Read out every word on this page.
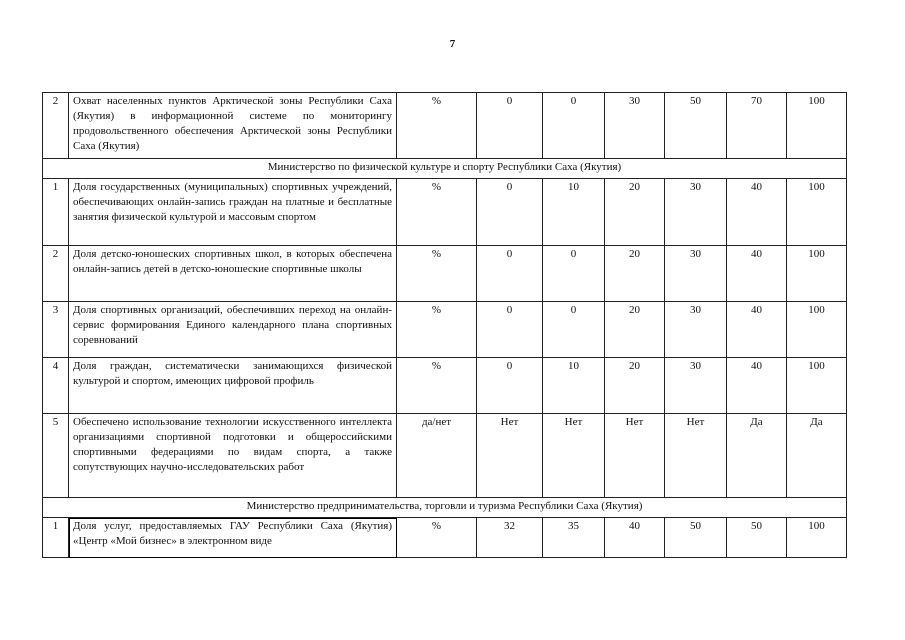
7
2	Охват населенных пунктов Арктической зоны Республики Саха (Якутия) в информационной системе по мониторингу продовольственного обеспечения Арктической зоны Республики Саха (Якутия)	%	0	0	30	50	70	100
Министерство по физической культуре и спорту Республики Саха (Якутия)								
1	Доля государственных (муниципальных) спортивных учреждений, обеспечивающих онлайн-запись граждан на платные и бесплатные занятия физической культурой и массовым спортом	%	0	10	20	30	40	100
2	Доля детско-юношеских спортивных школ, в которых обеспечена онлайн-запись детей в детско-юношеские спортивные школы	%	0	0	20	30	40	100
3	Доля спортивных организаций, обеспечивших переход на онлайн-сервис формирования Единого календарного плана спортивных соревнований	%	0	0	20	30	40	100
4	Доля граждан, систематически занимающихся физической культурой и спортом, имеющих цифровой профиль	%	0	10	20	30	40	100
5	Обеспечено использование технологии искусственного интеллекта организациями спортивной подготовки и общероссийскими спортивными федерациями по видам спорта, а также сопутствующих научно-исследовательских работ	да/нет	Нет	Нет	Нет	Нет	Да	Да
Министерство предпринимательства, торговли и туризма Республики Саха (Якутия)								
1	Доля услуг, предоставляемых ГАУ Республики Саха (Якутия) «Центр «Мой бизнес» в электронном виде	%	32	35	40	50	50	100
